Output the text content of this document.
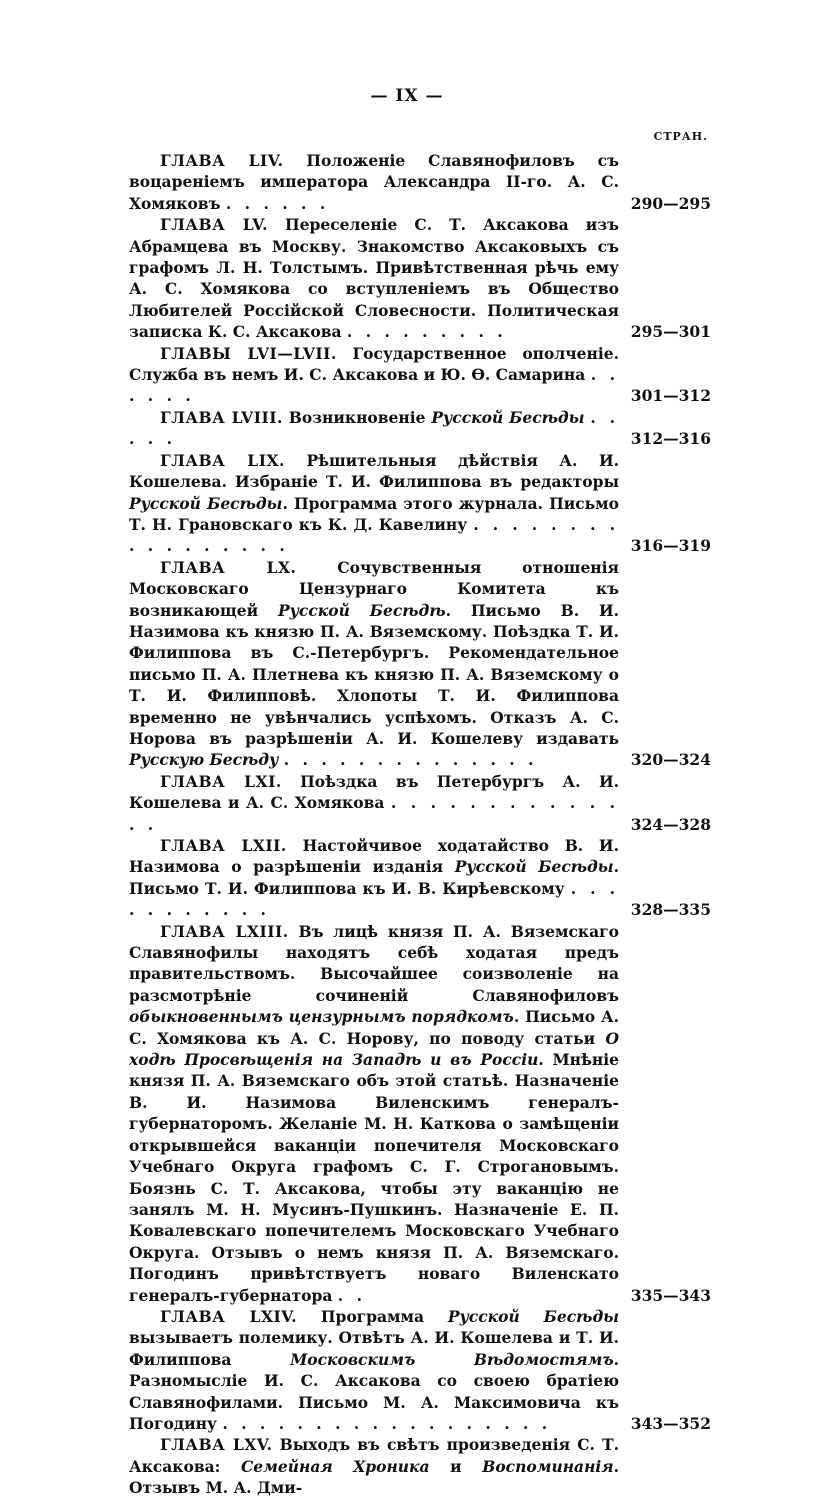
— IX —
СТРАН.
ГЛАВА LIV. Положеніе Славянофиловъ съ воцареніемъ императора Александра II-го. А. С. Хомяковъ . . . . . .	290—295
ГЛАВА LV. Переселеніе С. Т. Аксакова изъ Абрамцева въ Москву. Знакомство Аксаковыхъ съ графомъ Л. Н. Толстымъ. Привѣтственная рѣчь ему А. С. Хомякова со вступленіемъ въ Общество Любителей Россійской Словесности. Политическая записка К. С. Аксакова . . . . . . . . .	295—301
ГЛАВЫ LVI—LVII. Государственное ополченіе. Служба въ немъ И. С. Аксакова и Ю. Ѳ. Самарина . . . . . .	301—312
ГЛАВА LVIII. Возникновеніе Русской Бесѣды . . . . .	312—316
ГЛАВА LIX. Рѣшительныя дѣйствія А. И. Кошелева. Избраніе Т. И. Филиппова въ редакторы Русской Бесѣды. Программа этого журнала. Письмо Т. Н. Грановскаго къ К. Д. Кавелину . . . . . . . . . . . . . . . . .	316—319
ГЛАВА LX.	Сочувственныя отношенія Московскаго Цензурнаго Комитета къ возникающей Русской Бесѣдѣ. Письмо В. И. Назимова къ князю П. А. Вяземскому. Поѣздка Т. И. Филиппова въ С.-Петербургъ. Рекомендательное письмо П. А. Плетнева къ князю П. А. Вяземскому о Т. И. Филипповѣ. Хлопоты Т. И. Филиппова временно не увѣнчались успѣхомъ. Отказъ А. С. Норова въ разрѣшеніи А. И. Кошелеву издавать Русскую Бесѣду . . . . . . . . . . . . . .	320—324
ГЛАВА LXI. Поѣздка въ Петербургъ А. И. Кошелева и А. С. Хомякова . . . . . . . . . . . . . .	324—328
ГЛАВА LXII. Настойчивое ходатайство В. И. Назимова о разрѣшеніи изданія Русской Бесѣды. Письмо Т. И. Филиппова къ И. В. Кирѣевскому . . . . . . . . . . .	328—335
ГЛАВА LXIII. Въ лицѣ князя П. А. Вяземскаго Славянофилы находятъ себѣ ходатая предъ правительствомъ. Высочайшее соизволеніе на разсмотрѣніе сочиненій Славянофиловъ обыкновеннымъ цензурнымъ порядкомъ. Письмо А. С. Хомякова къ А. С. Норову, по поводу статьи О ходѣ Просвѣщенія на Западѣ и въ Россіи. Мнѣніе князя П. А. Вяземскаго объ этой статьѣ. Назначеніе В. И. Назимова Виленскимъ генералъ-губернаторомъ. Желаніе М. Н. Каткова о замѣщеніи открывшейся ваканціи попечителя Московскаго Учебнаго Округа графомъ С. Г. Строгановымъ. Боязнь С. Т. Аксакова, чтобы эту ваканцію не занялъ М. Н. Мусинъ-Пушкинъ. Назначеніе Е. П. Ковалевскаго попечителемъ Московскаго Учебнаго Округа. Отзывъ о немъ князя П. А. Вяземскаго. Погодинъ привѣтствуетъ новаго Виленскато генералъ-губернатора . .	335—343
ГЛАВА LXIV. Программа Русской Бесѣды вызываетъ полемику. Отвѣтъ А. И. Кошелева и Т. И. Филиппова Московскимъ Вѣдомостямъ. Разномысліе И. С. Аксакова со своею братіею Славянофилами. Письмо М. А. Максимовича къ Погодину . . . . . . . . . . . . . . . . . .	343—352
ГЛАВА LXV. Выходъ въ свѣтъ произведенія С. Т. Аксакова: Семейная Хроника и Воспоминанія. Отзывъ М. А. Дми-
